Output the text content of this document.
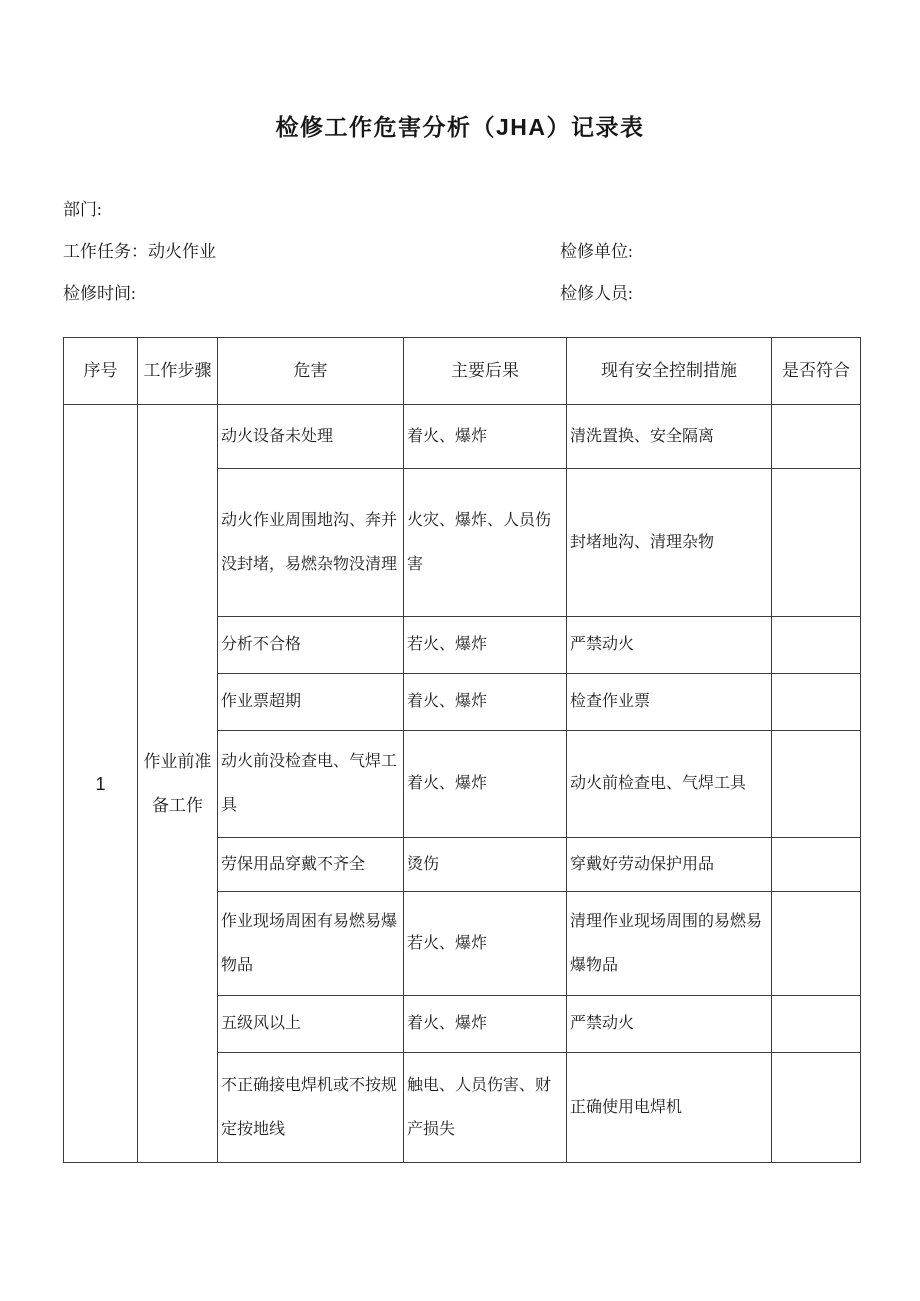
检修工作危害分析（JHA）记录表
部门:
工作任务：动火作业	检修单位:
检修时间:	检修人员:
序号	工作步骤	危害	主要后果	现有安全控制措施	是否符合
1	作业前准备工作	动火设备未处理	着火、爆炸	清洗置换、安全隔离	
		动火作业周围地沟、奔并没封堵，易燃杂物没清理	火灾、爆炸、人员伤害	封堵地沟、清理杂物	
		分析不合格	若火、爆炸	严禁动火	
		作业票超期	着火、爆炸	检查作业票	
		动火前没检查电、气焊工具	着火、爆炸	动火前检查电、气焊工具	
		劳保用品穿戴不齐全	烫伤	穿戴好劳动保护用品	
		作业现场周困有易燃易爆物品	若火、爆炸	清理作业现场周围的易燃易爆物品	
		五级风以上	着火、爆炸	严禁动火	
		不正确接电焊机或不按规定按地线	触电、人员伤害、财产损失	正确使用电焊机	
